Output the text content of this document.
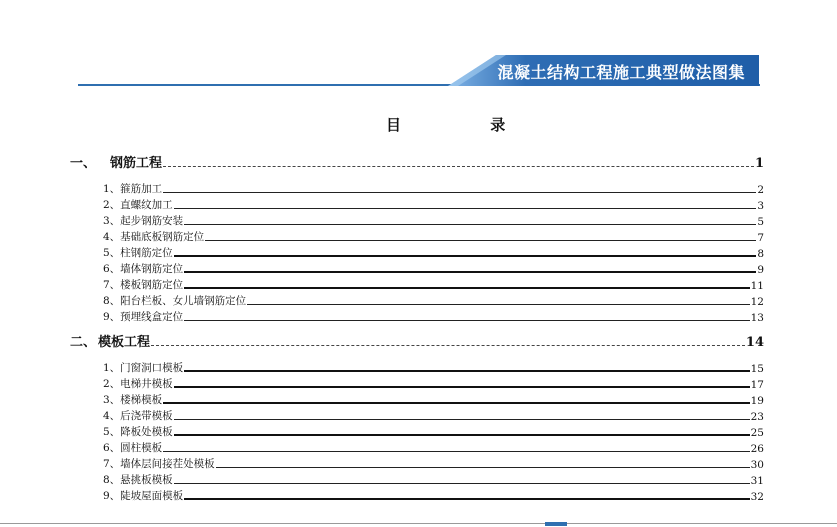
混凝土结构工程施工典型做法图集
目 录
一、 钢筋工程	1
1、箍筋加工	2
2、直螺纹加工	3
3、起步钢筋安装	5
4、基础底板钢筋定位	7
5、柱钢筋定位	8
6、墙体钢筋定位	9
7、楼板钢筋定位	11
8、阳台栏板、女儿墙钢筋定位	12
9、预埋线盒定位	13
二、 模板工程	14
1、门窗洞口模板	15
2、电梯井模板	17
3、楼梯模板	19
4、后浇带模板	23
5、降板处模板	25
6、圆柱模板	26
7、墙体层间接茬处模板	30
8、悬挑板模板	31
9、陡坡屋面模板	32
